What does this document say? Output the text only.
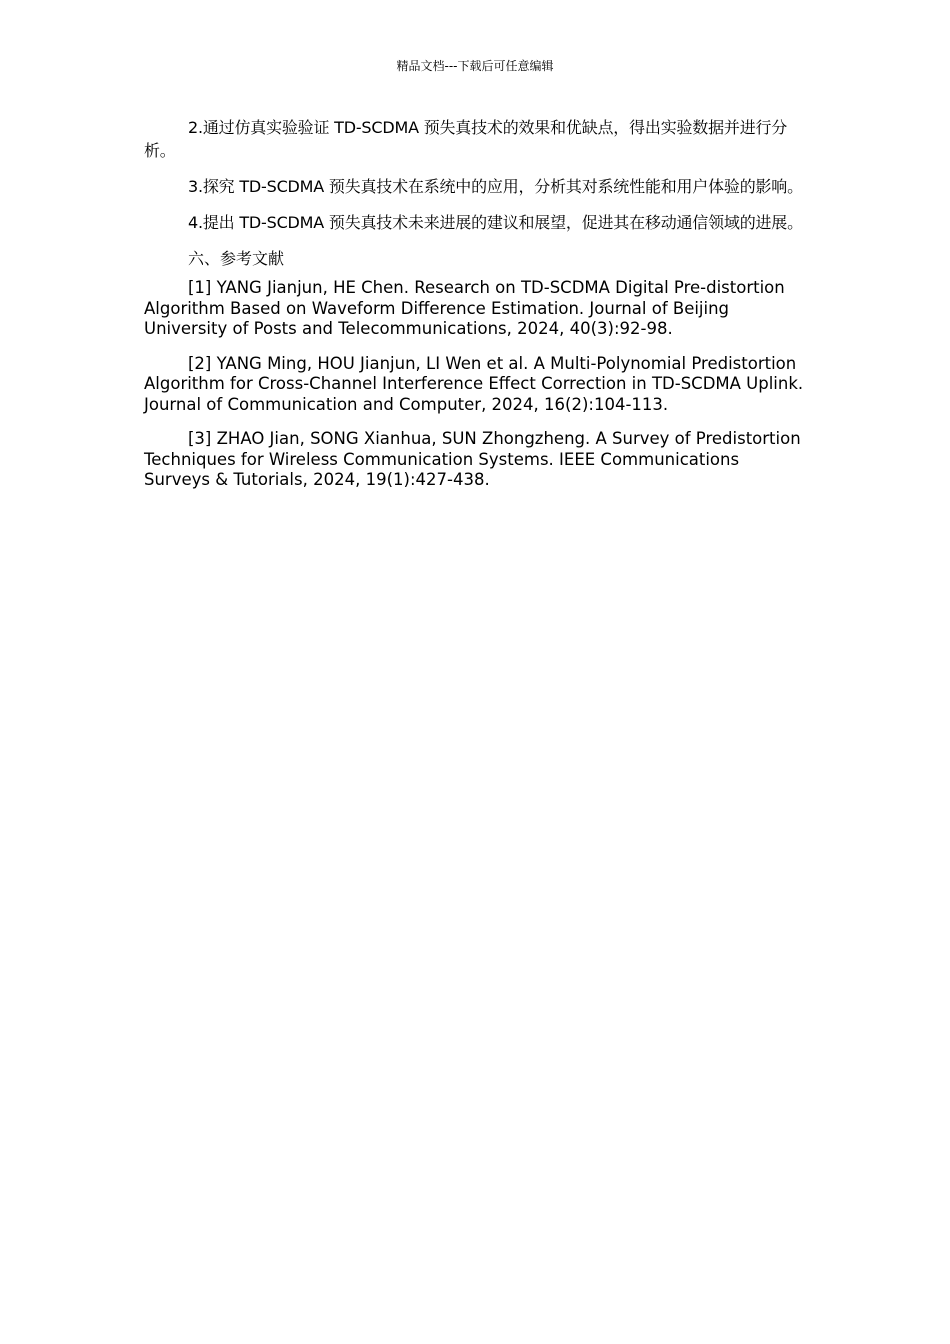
精品文档---下载后可任意编辑

2.通过仿真实验验证 TD-SCDMA 预失真技术的效果和优缺点，得出实验数据并进行分析。

3.探究 TD-SCDMA 预失真技术在系统中的应用，分析其对系统性能和用户体验的影响。

4.提出 TD-SCDMA 预失真技术未来进展的建议和展望，促进其在移动通信领域的进展。

六、参考文献

[1] YANG Jianjun, HE Chen. Research on TD-SCDMA Digital Pre-distortion Algorithm Based on Waveform Difference Estimation. Journal of Beijing University of Posts and Telecommunications, 2024, 40(3):92-98.

[2] YANG Ming, HOU Jianjun, LI Wen et al. A Multi-Polynomial Predistortion Algorithm for Cross-Channel Interference Effect Correction in TD-SCDMA Uplink. Journal of Communication and Computer, 2024, 16(2):104-113.

[3] ZHAO Jian, SONG Xianhua, SUN Zhongzheng. A Survey of Predistortion Techniques for Wireless Communication Systems. IEEE Communications Surveys & Tutorials, 2024, 19(1):427-438.
